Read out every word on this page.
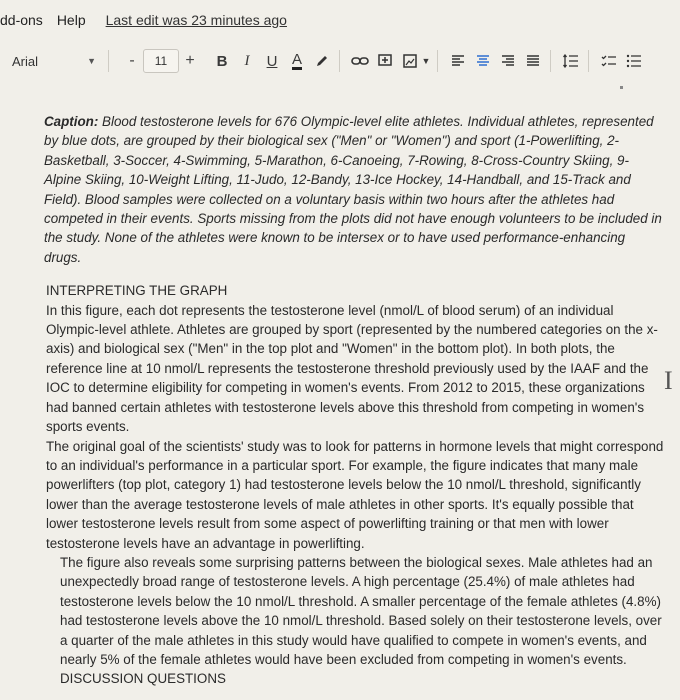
dd-ons Help Last edit was 23 minutes ago
Arial	▼	-	11	+	B	I	U A	▼

Caption: Blood testosterone levels for 676 Olympic-level elite athletes. Individual athletes, represented by blue dots, are grouped by their biological sex ("Men" or "Women") and sport (1-Powerlifting, 2-Basketball, 3-Soccer, 4-Swimming, 5-Marathon, 6-Canoeing, 7-Rowing, 8-Cross-Country Skiing, 9-Alpine Skiing, 10-Weight Lifting, 11-Judo, 12-Bandy, 13-Ice Hockey, 14-Handball, and 15-Track and Field). Blood samples were collected on a voluntary basis within two hours after the athletes had competed in their events. Sports missing from the plots did not have enough volunteers to be included in the study. None of the athletes were known to be intersex or to have used performance-enhancing drugs.

INTERPRETING THE GRAPH

In this figure, each dot represents the testosterone level (nmol/L of blood serum) of an individual Olympic-level athlete. Athletes are grouped by sport (represented by the numbered categories on the x-axis) and biological sex ("Men" in the top plot and "Women" in the bottom plot). In both plots, the reference line at 10 nmol/L represents the testosterone threshold previously used by the IAAF and the IOC to determine eligibility for competing in women's events. From 2012 to 2015, these organizations had banned certain athletes with testosterone levels above this threshold from competing in women's sports events.

The original goal of the scientists' study was to look for patterns in hormone levels that might correspond to an individual's performance in a particular sport. For example, the figure indicates that many male powerlifters (top plot, category 1) had testosterone levels below the 10 nmol/L threshold, significantly lower than the average testosterone levels of male athletes in other sports. It's equally possible that lower testosterone levels result from some aspect of powerlifting training or that men with lower testosterone levels have an advantage in powerlifting.

The figure also reveals some surprising patterns between the biological sexes. Male athletes had an unexpectedly broad range of testosterone levels. A high percentage (25.4%) of male athletes had testosterone levels below the 10 nmol/L threshold. A smaller percentage of the female athletes (4.8%) had testosterone levels above the 10 nmol/L threshold. Based solely on their testosterone levels, over a quarter of the male athletes in this study would have qualified to compete in women's events, and nearly 5% of the female athletes would have been excluded from competing in women's events.

DISCUSSION QUESTIONS

I
